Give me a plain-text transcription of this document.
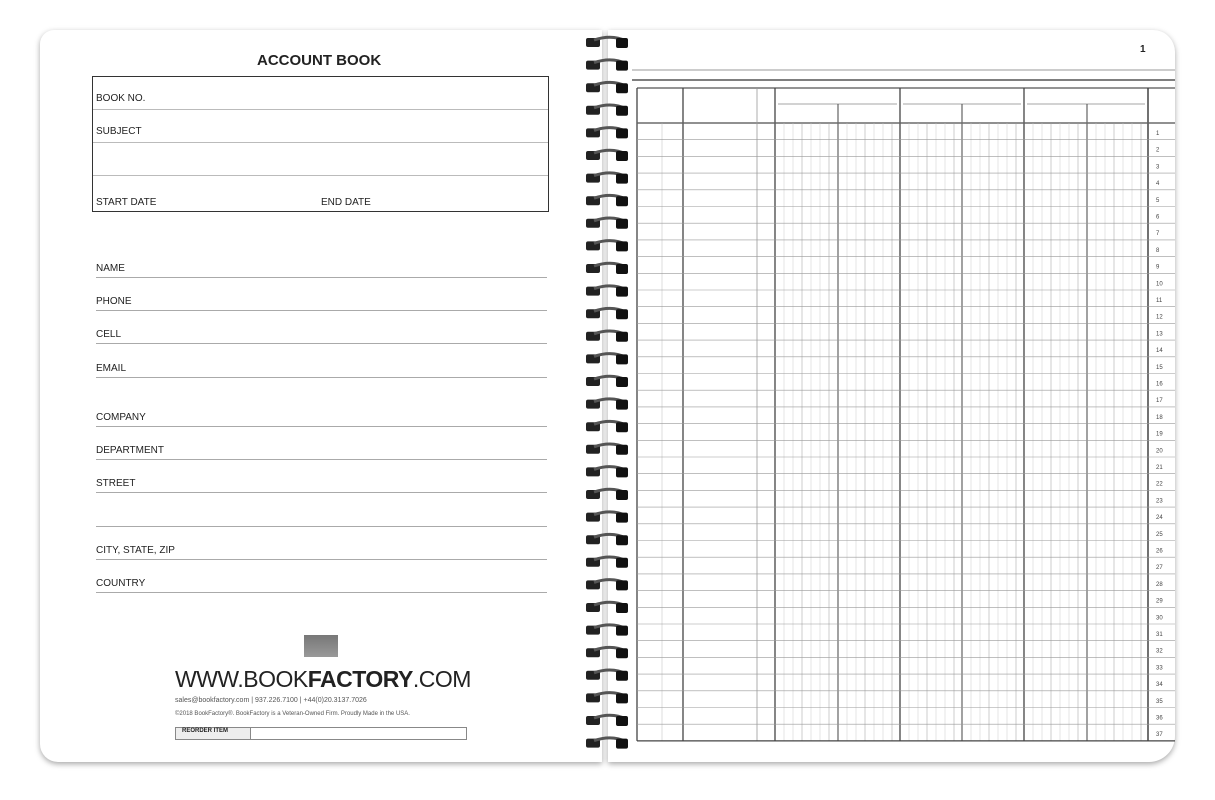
ACCOUNT BOOK
BOOK NO.
SUBJECT
START DATE	END DATE
NAME
PHONE
CELL
EMAIL
COMPANY
DEPARTMENT
STREET
CITY, STATE, ZIP
COUNTRY
WWW.BOOKFACTORY.COM
sales@bookfactory.com | 937.226.7100 | +44(0)20.3137.7026
©2018 BookFactory®. BookFactory is a Veteran-Owned Firm. Proudly Made in the USA.
REORDER ITEM
1
1
2
3
4
5
6
7
8
9
10
11
12
13
14
15
16
17
18
19
20
21
22
23
24
25
26
27
28
29
30
31
32
33
34
35
36
37
